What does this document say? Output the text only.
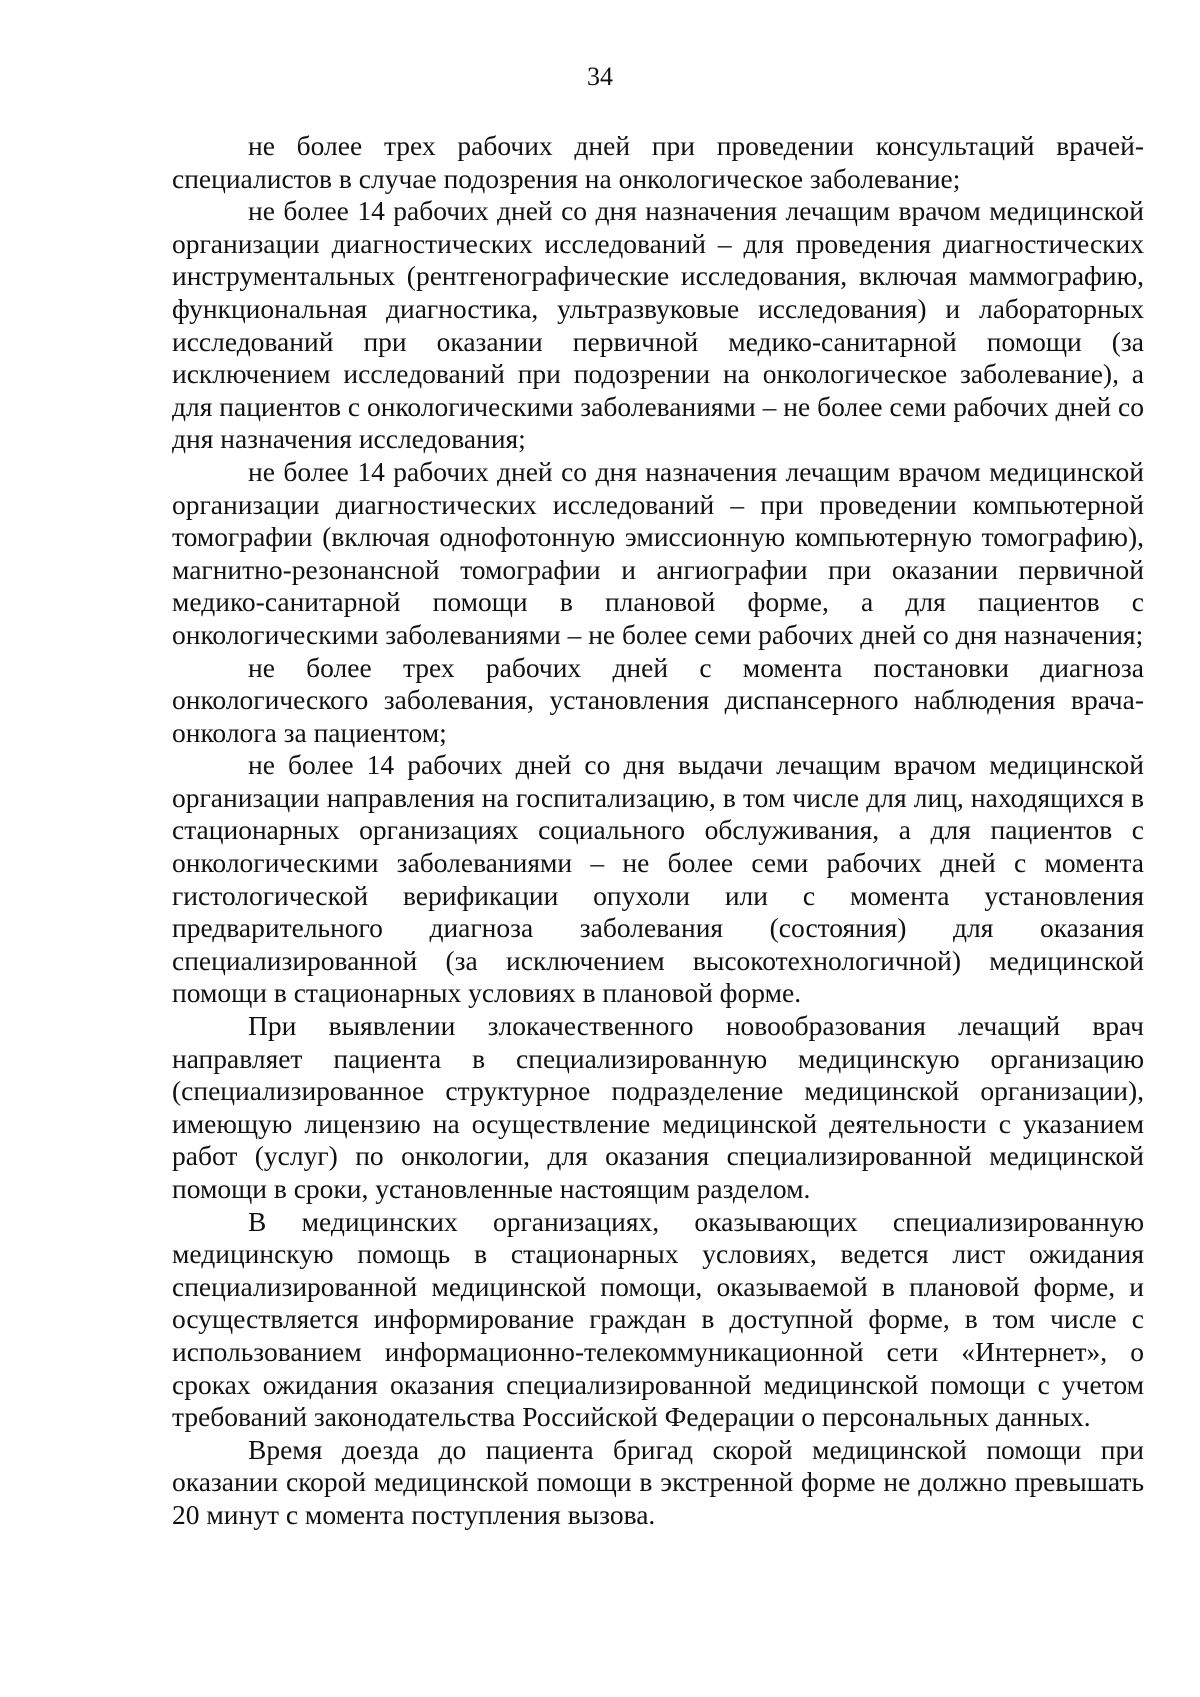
34

не более трех рабочих дней при проведении консультаций врачей-специалистов в случае подозрения на онкологическое заболевание;

не более 14 рабочих дней со дня назначения лечащим врачом медицинской организации диагностических исследований – для проведения диагностических инструментальных (рентгенографические исследования, включая маммографию, функциональная диагностика, ультразвуковые исследования) и лабораторных исследований при оказании первичной медико-санитарной помощи (за исключением исследований при подозрении на онкологическое заболевание), а для пациентов с онкологическими заболеваниями – не более семи рабочих дней со дня назначения исследования;

не более 14 рабочих дней со дня назначения лечащим врачом медицинской организации диагностических исследований – при проведении компьютерной томографии (включая однофотонную эмиссионную компьютерную томографию), магнитно-резонансной томографии и ангиографии при оказании первичной медико-санитарной помощи в плановой форме, а для пациентов с онкологическими заболеваниями – не более семи рабочих дней со дня назначения;

не более трех рабочих дней с момента постановки диагноза онкологического заболевания, установления диспансерного наблюдения врача-онколога за пациентом;

не более 14 рабочих дней со дня выдачи лечащим врачом медицинской организации направления на госпитализацию, в том числе для лиц, находящихся в стационарных организациях социального обслуживания, а для пациентов с онкологическими заболеваниями – не более семи рабочих дней с момента гистологической верификации опухоли или с момента установления предварительного диагноза заболевания (состояния) для оказания специализированной (за исключением высокотехнологичной) медицинской помощи в стационарных условиях в плановой форме.

При выявлении злокачественного новообразования лечащий врач направляет пациента в специализированную медицинскую организацию (специализированное структурное подразделение медицинской организации), имеющую лицензию на осуществление медицинской деятельности с указанием работ (услуг) по онкологии, для оказания специализированной медицинской помощи в сроки, установленные настоящим разделом.

В медицинских организациях, оказывающих специализированную медицинскую помощь в стационарных условиях, ведется лист ожидания специализированной медицинской помощи, оказываемой в плановой форме, и осуществляется информирование граждан в доступной форме, в том числе с использованием информационно-телекоммуникационной сети «Интернет», о сроках ожидания оказания специализированной медицинской помощи с учетом требований законодательства Российской Федерации о персональных данных.

Время доезда до пациента бригад скорой медицинской помощи при оказании скорой медицинской помощи в экстренной форме не должно превышать 20 минут с момента поступления вызова.
